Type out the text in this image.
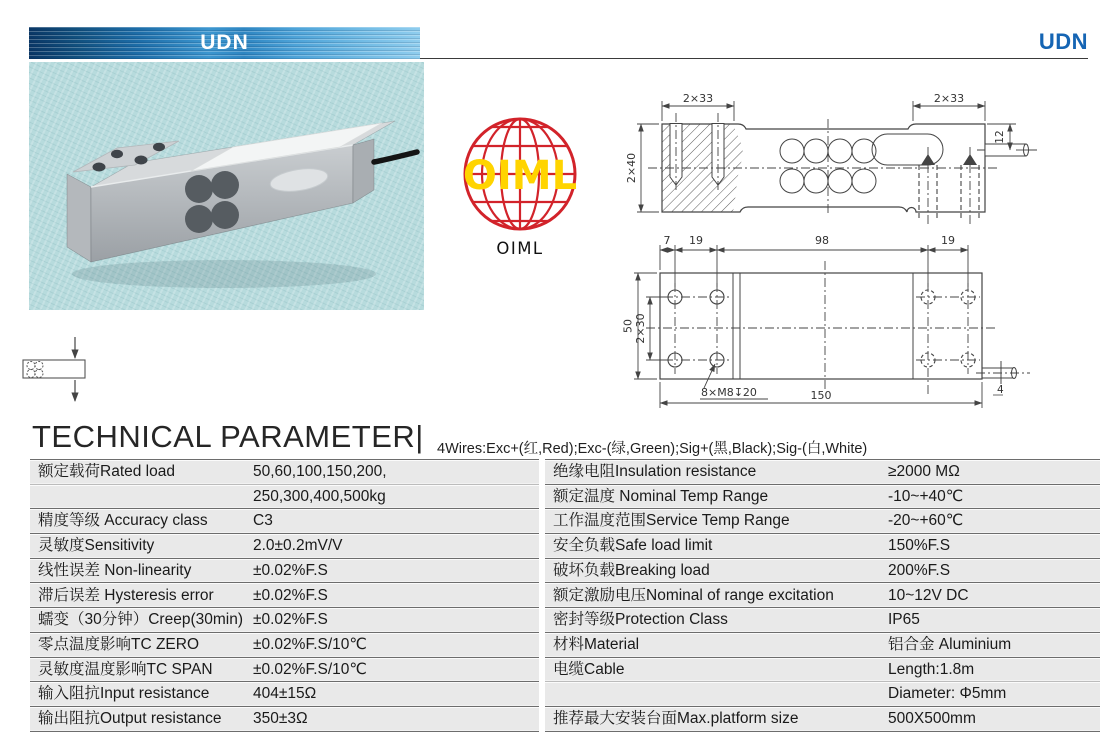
UDN	UDN
OIML
OIML
2×33	2×33
2×40
12
7 19	98	19
50 2×30
8×M8↧20	150	4
TECHNICAL PARAMETER| 4Wires:Exc+(红,Red);Exc-(绿,Green);Sig+(黑,Black);Sig-(白,White)
额定载荷Rated load	50,60,100,150,200,
250,300,400,500kg
精度等级 Accuracy class	C3
灵敏度Sensitivity	2.0±0.2mV/V
线性误差 Non-linearity	±0.02%F.S
滞后误差 Hysteresis error	±0.02%F.S
蠕变（30分钟）Creep(30min) ±0.02%F.S
零点温度影响TC ZERO	±0.02%F.S/10℃
灵敏度温度影响TC SPAN	±0.02%F.S/10℃
输入阻抗Input resistance	404±15Ω
输出阻抗Output resistance	350±3Ω
绝缘电阻Insulation resistance	≥2000 MΩ
额定温度 Nominal Temp Range	-10~+40℃
工作温度范围Service Temp Range	-20~+60℃
安全负载Safe load limit	150%F.S
破坏负载Breaking load	200%F.S
额定激励电压Nominal of range excitation	10~12V DC
密封等级Protection Class	IP65
材料Material	铝合金 Aluminium
电缆Cable	Length:1.8m
Diameter: Φ5mm
推荐最大安装台面Max.platform size	500X500mm
